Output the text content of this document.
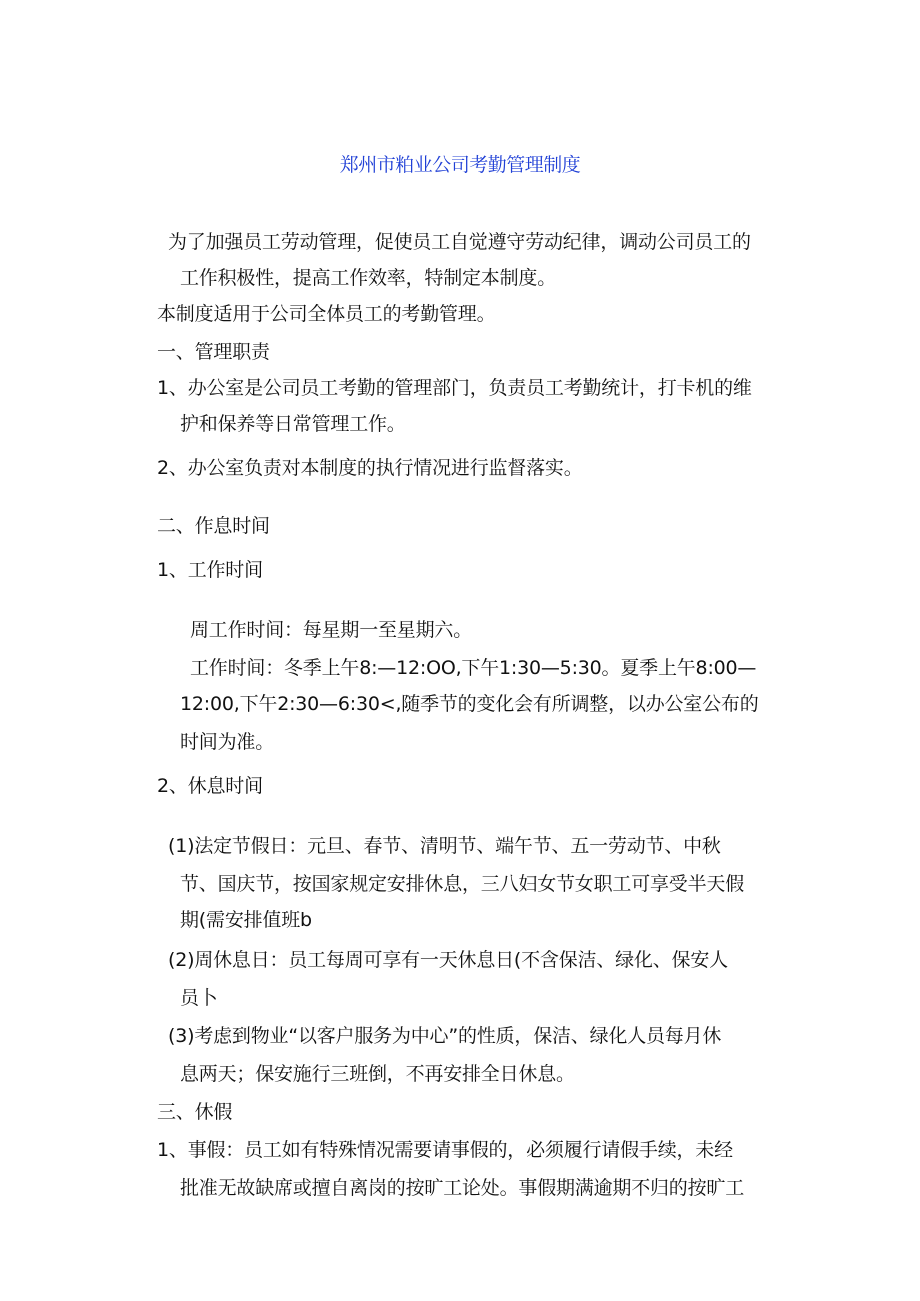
郑州市粕业公司考勤管理制度

为了加强员工劳动管理，促使员工自觉遵守劳动纪律，调动公司员工的

工作积极性，提高工作效率，特制定本制度。

本制度适用于公司全体员工的考勤管理。

一、管理职责

1、办公室是公司员工考勤的管理部门，负责员工考勤统计，打卡机的维

护和保养等日常管理工作。

2、办公室负责对本制度的执行情况进行监督落实。

二、作息时间

1、工作时间

周工作时间：每星期一至星期六。

工作时间：冬季上午8:—12:OO,下午1:30—5:30。夏季上午8:00—

12:00,下午2:30—6:30<,随季节的变化会有所调整，以办公室公布的

时间为准。

2、休息时间

(1)法定节假日：元旦、春节、清明节、端午节、五一劳动节、中秋

节、国庆节，按国家规定安排休息，三八妇女节女职工可享受半天假

期(需安排值班b

(2)周休息日：员工每周可享有一天休息日(不含保洁、绿化、保安人

员卜

(3)考虑到物业“以客户服务为中心”的性质，保洁、绿化人员每月休

息两天；保安施行三班倒，不再安排全日休息。

三、休假

1、事假：员工如有特殊情况需要请事假的，必须履行请假手续，未经

批准无故缺席或擅自离岗的按旷工论处。事假期满逾期不归的按旷工
